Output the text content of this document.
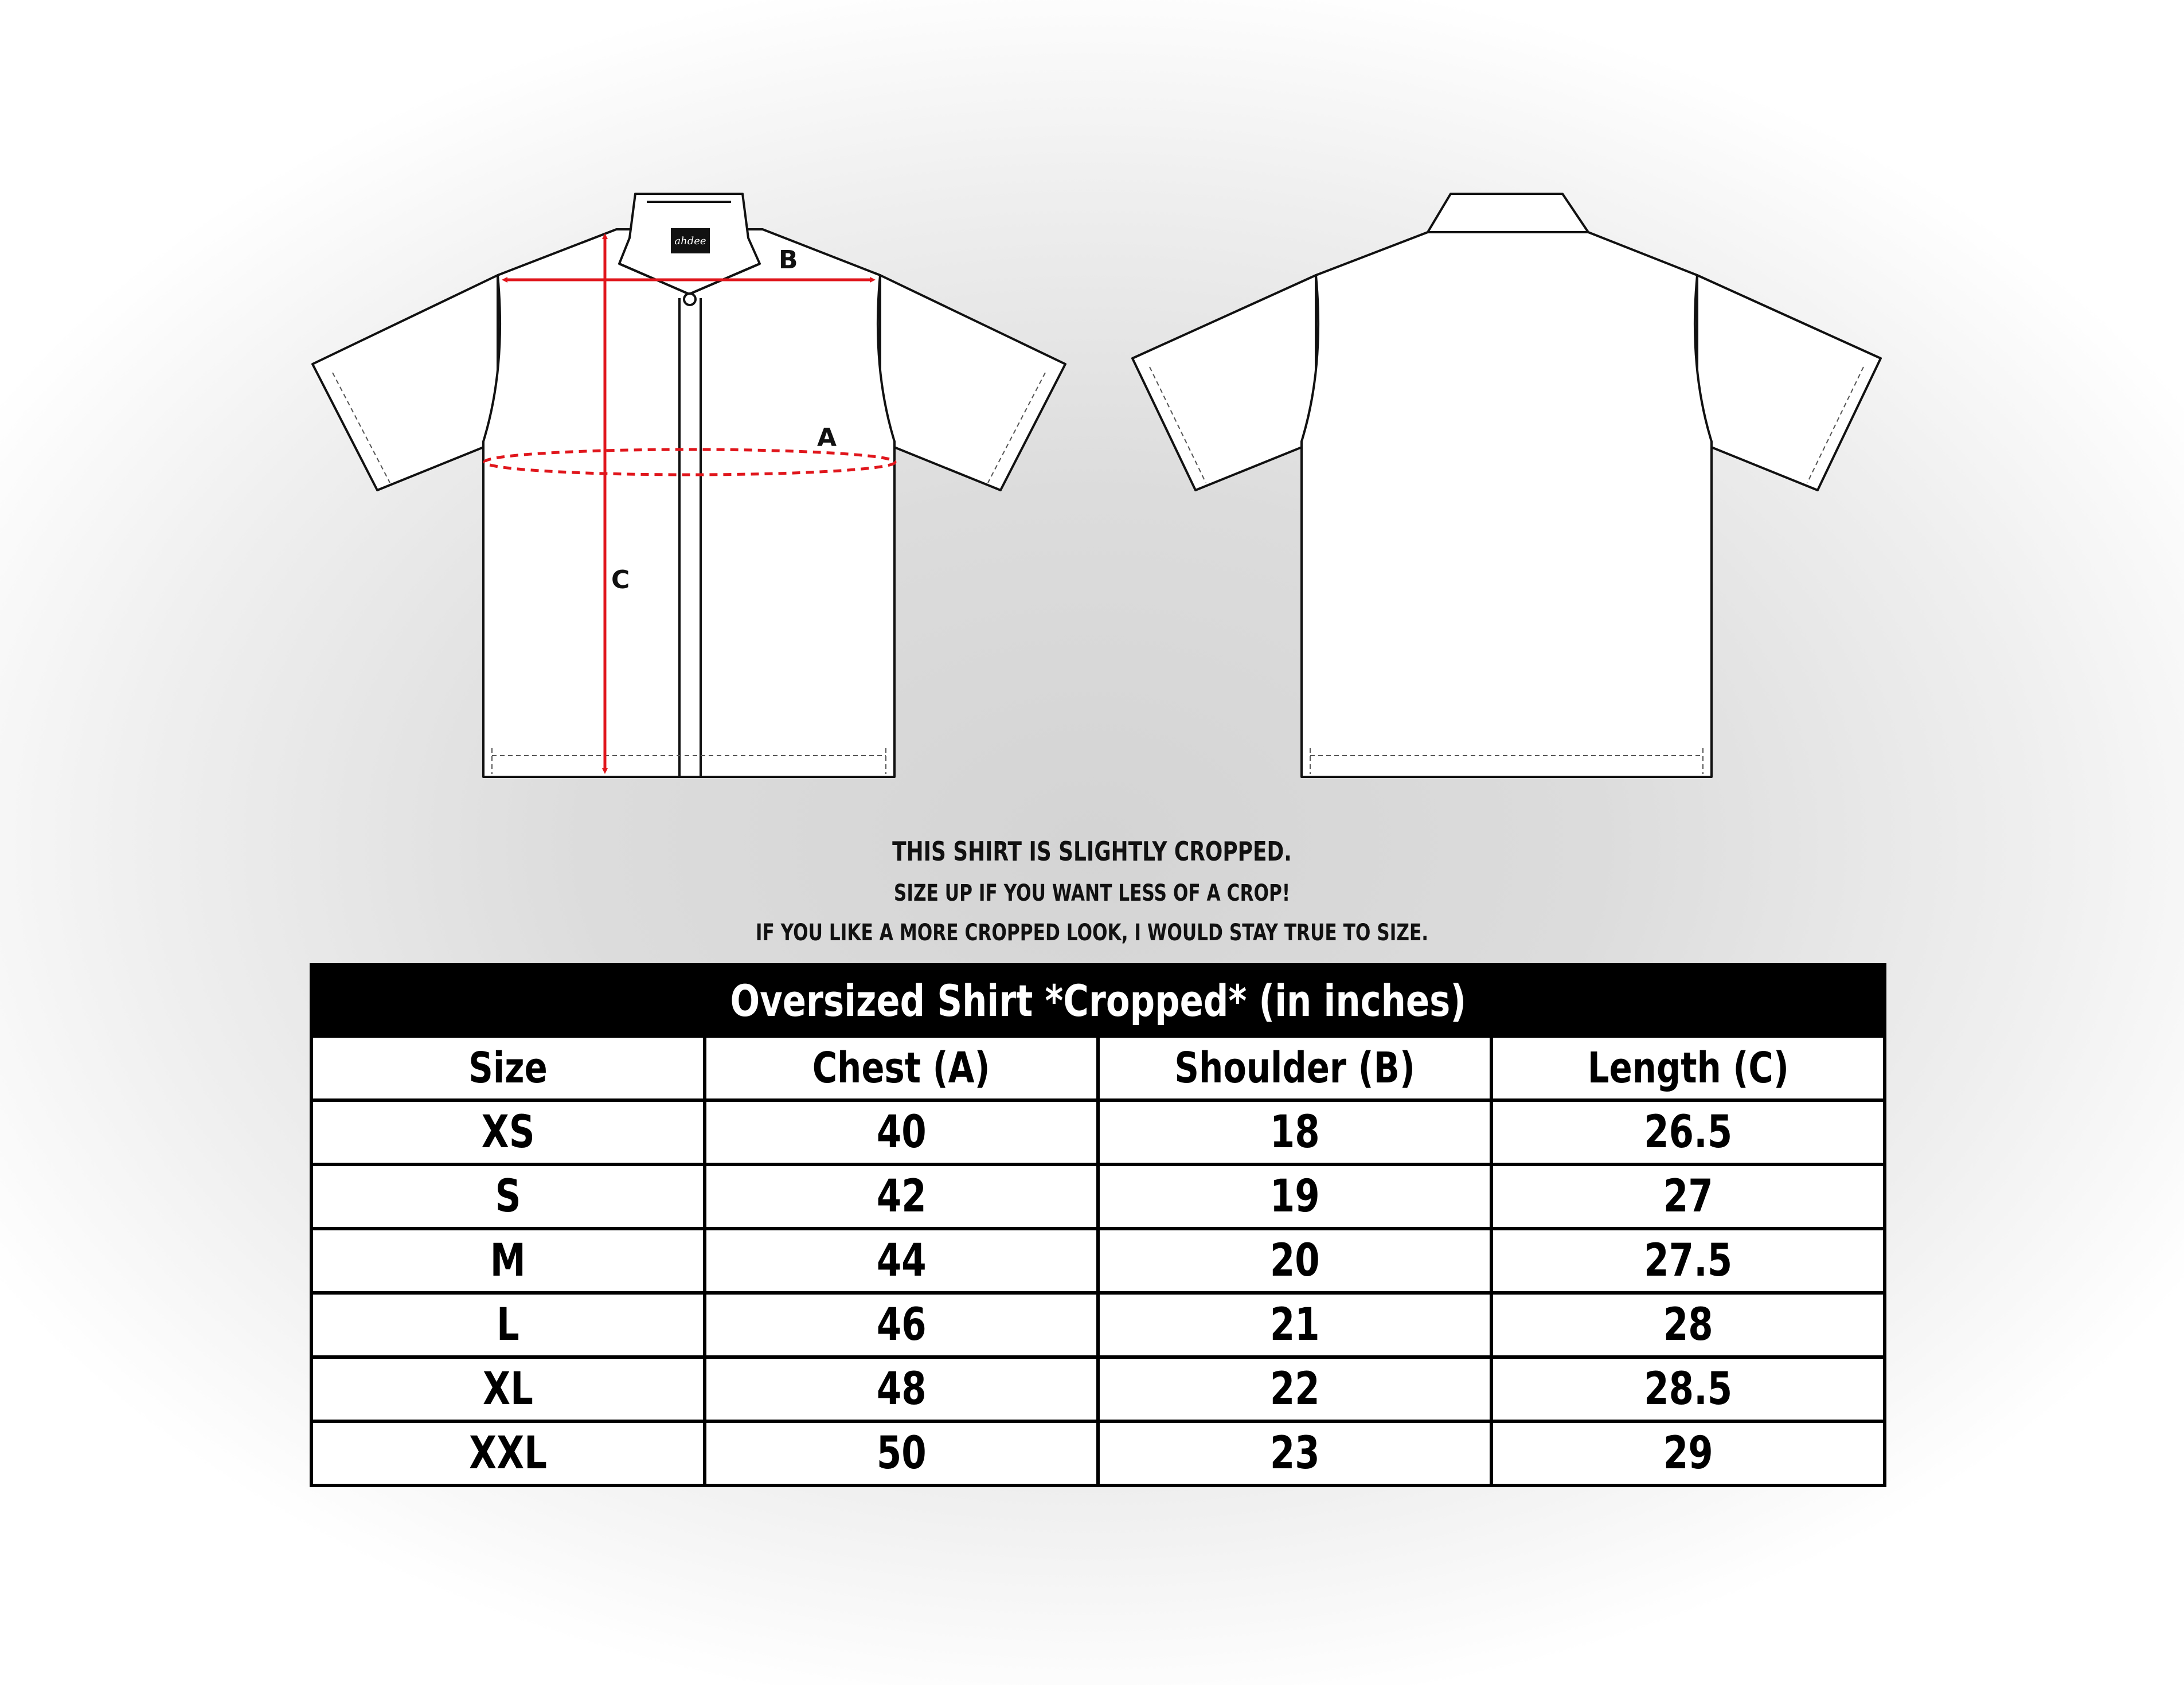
ahdee
B
A
C
THIS SHIRT IS SLIGHTLY CROPPED.
SIZE UP IF YOU WANT LESS OF A CROP!
IF YOU LIKE A MORE CROPPED LOOK, I WOULD STAY TRUE TO SIZE.
Oversized Shirt *Cropped* (in inches)			
Size	Chest (A)	Shoulder (B)	Length (C)
XS	40	18	26.5
S	42	19	27
M	44	20	27.5
L	46	21	28
XL	48	22	28.5
XXL	50	23	29
